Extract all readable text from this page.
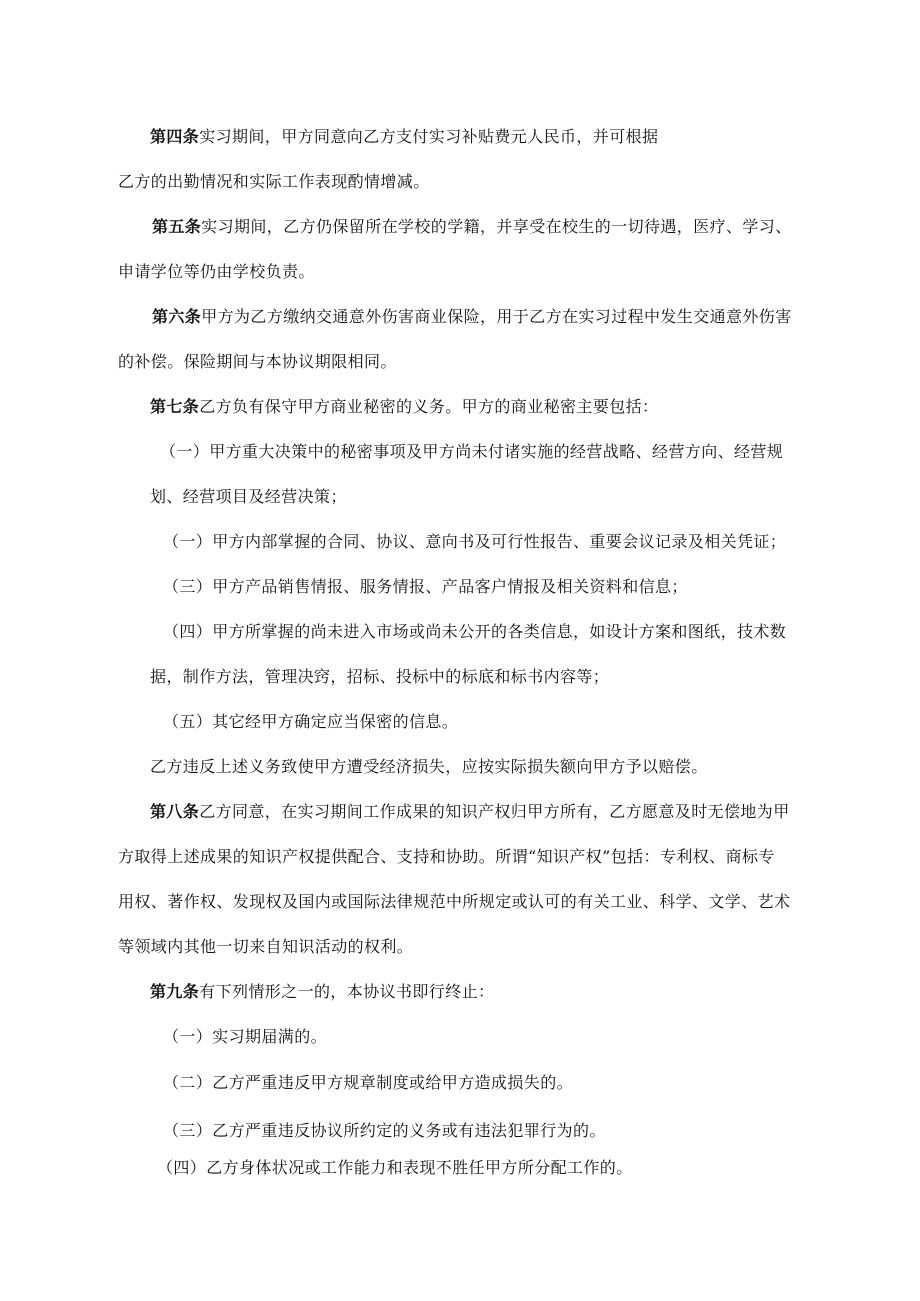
第四条实习期间，甲方同意向乙方支付实习补贴费元人民币，并可根据
乙方的出勤情况和实际工作表现酌情增减。
第五条实习期间，乙方仍保留所在学校的学籍，并享受在校生的一切待遇，医疗、学习、
申请学位等仍由学校负责。
第六条甲方为乙方缴纳交通意外伤害商业保险，用于乙方在实习过程中发生交通意外伤害
的补偿。保险期间与本协议期限相同。
第七条乙方负有保守甲方商业秘密的义务。甲方的商业秘密主要包括：
（一）甲方重大决策中的秘密事项及甲方尚未付诸实施的经营战略、经营方向、经营规
划、经营项目及经营决策；
（一）甲方内部掌握的合同、协议、意向书及可行性报告、重要会议记录及相关凭证；
（三）甲方产品销售情报、服务情报、产品客户情报及相关资料和信息；
（四）甲方所掌握的尚未进入市场或尚未公开的各类信息，如设计方案和图纸，技术数
据，制作方法，管理决窍，招标、投标中的标底和标书内容等；
（五）其它经甲方确定应当保密的信息。
乙方违反上述义务致使甲方遭受经济损失，应按实际损失额向甲方予以赔偿。
第八条乙方同意，在实习期间工作成果的知识产权归甲方所有，乙方愿意及时无偿地为甲
方取得上述成果的知识产权提供配合、支持和协助。所谓“知识产权”包括：专利权、商标专
用权、著作权、发现权及国内或国际法律规范中所规定或认可的有关工业、科学、文学、艺术
等领域内其他一切来自知识活动的权利。
第九条有下列情形之一的，本协议书即行终止：
（一）实习期届满的。
（二）乙方严重违反甲方规章制度或给甲方造成损失的。
（三）乙方严重违反协议所约定的义务或有违法犯罪行为的。
（四）乙方身体状况或工作能力和表现不胜任甲方所分配工作的。
